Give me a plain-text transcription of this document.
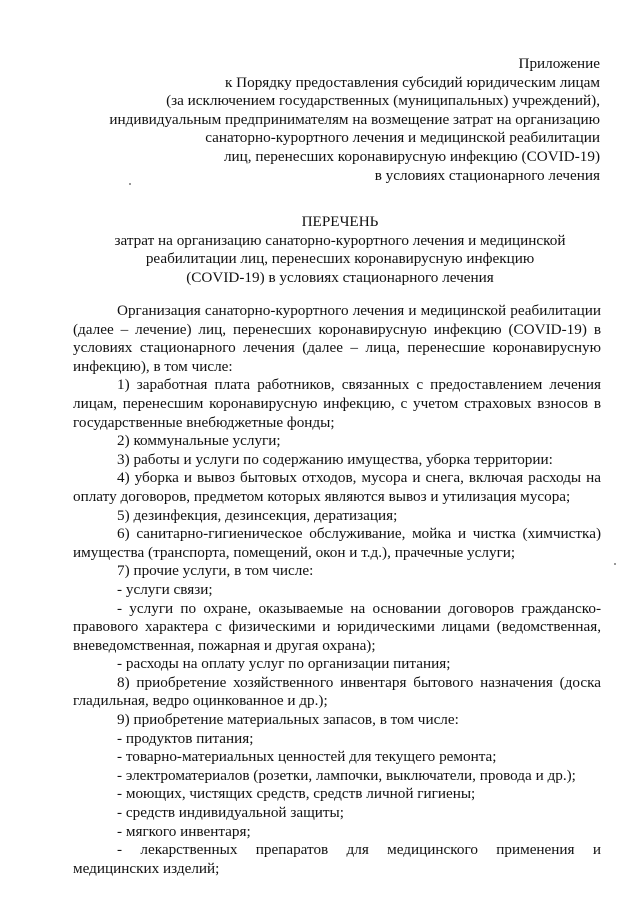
Приложение
к Порядку предоставления субсидий юридическим лицам
(за исключением государственных (муниципальных) учреждений),
индивидуальным предпринимателям на возмещение затрат на организацию
санаторно-курортного лечения и медицинской реабилитации
лиц, перенесших коронавирусную инфекцию (COVID-19)
в условиях стационарного лечения
ПЕРЕЧЕНЬ
затрат на организацию санаторно-курортного лечения и медицинской
реабилитации лиц, перенесших коронавирусную инфекцию
(COVID-19) в условиях стационарного лечения

Организация санаторно-курортного лечения и медицинской реабилитации (далее – лечение) лиц, перенесших коронавирусную инфекцию (COVID-19) в условиях стационарного лечения (далее – лица, перенесшие коронавирусную инфекцию), в том числе:

1) заработная плата работников, связанных с предоставлением лечения лицам, перенесшим коронавирусную инфекцию, с учетом страховых взносов в государственные внебюджетные фонды;

2) коммунальные услуги;

3) работы и услуги по содержанию имущества, уборка территории:

4) уборка и вывоз бытовых отходов, мусора и снега, включая расходы на оплату договоров, предметом которых являются вывоз и утилизация мусора;

5) дезинфекция, дезинсекция, дератизация;

6) санитарно-гигиеническое обслуживание, мойка и чистка (химчистка) имущества (транспорта, помещений, окон и т.д.), прачечные услуги;

7) прочие услуги, в том числе:

- услуги связи;

- услуги по охране, оказываемые на основании договоров гражданско-правового характера с физическими и юридическими лицами (ведомственная, вневедомственная, пожарная и другая охрана);

- расходы на оплату услуг по организации питания;

8) приобретение хозяйственного инвентаря бытового назначения (доска гладильная, ведро оцинкованное и др.);

9) приобретение материальных запасов, в том числе:

- продуктов питания;

- товарно-материальных ценностей для текущего ремонта;

- электроматериалов (розетки, лампочки, выключатели, провода и др.);

- моющих, чистящих средств, средств личной гигиены;

- средств индивидуальной защиты;

- мягкого инвентаря;

- лекарственных препаратов для медицинского применения и медицинских изделий;
